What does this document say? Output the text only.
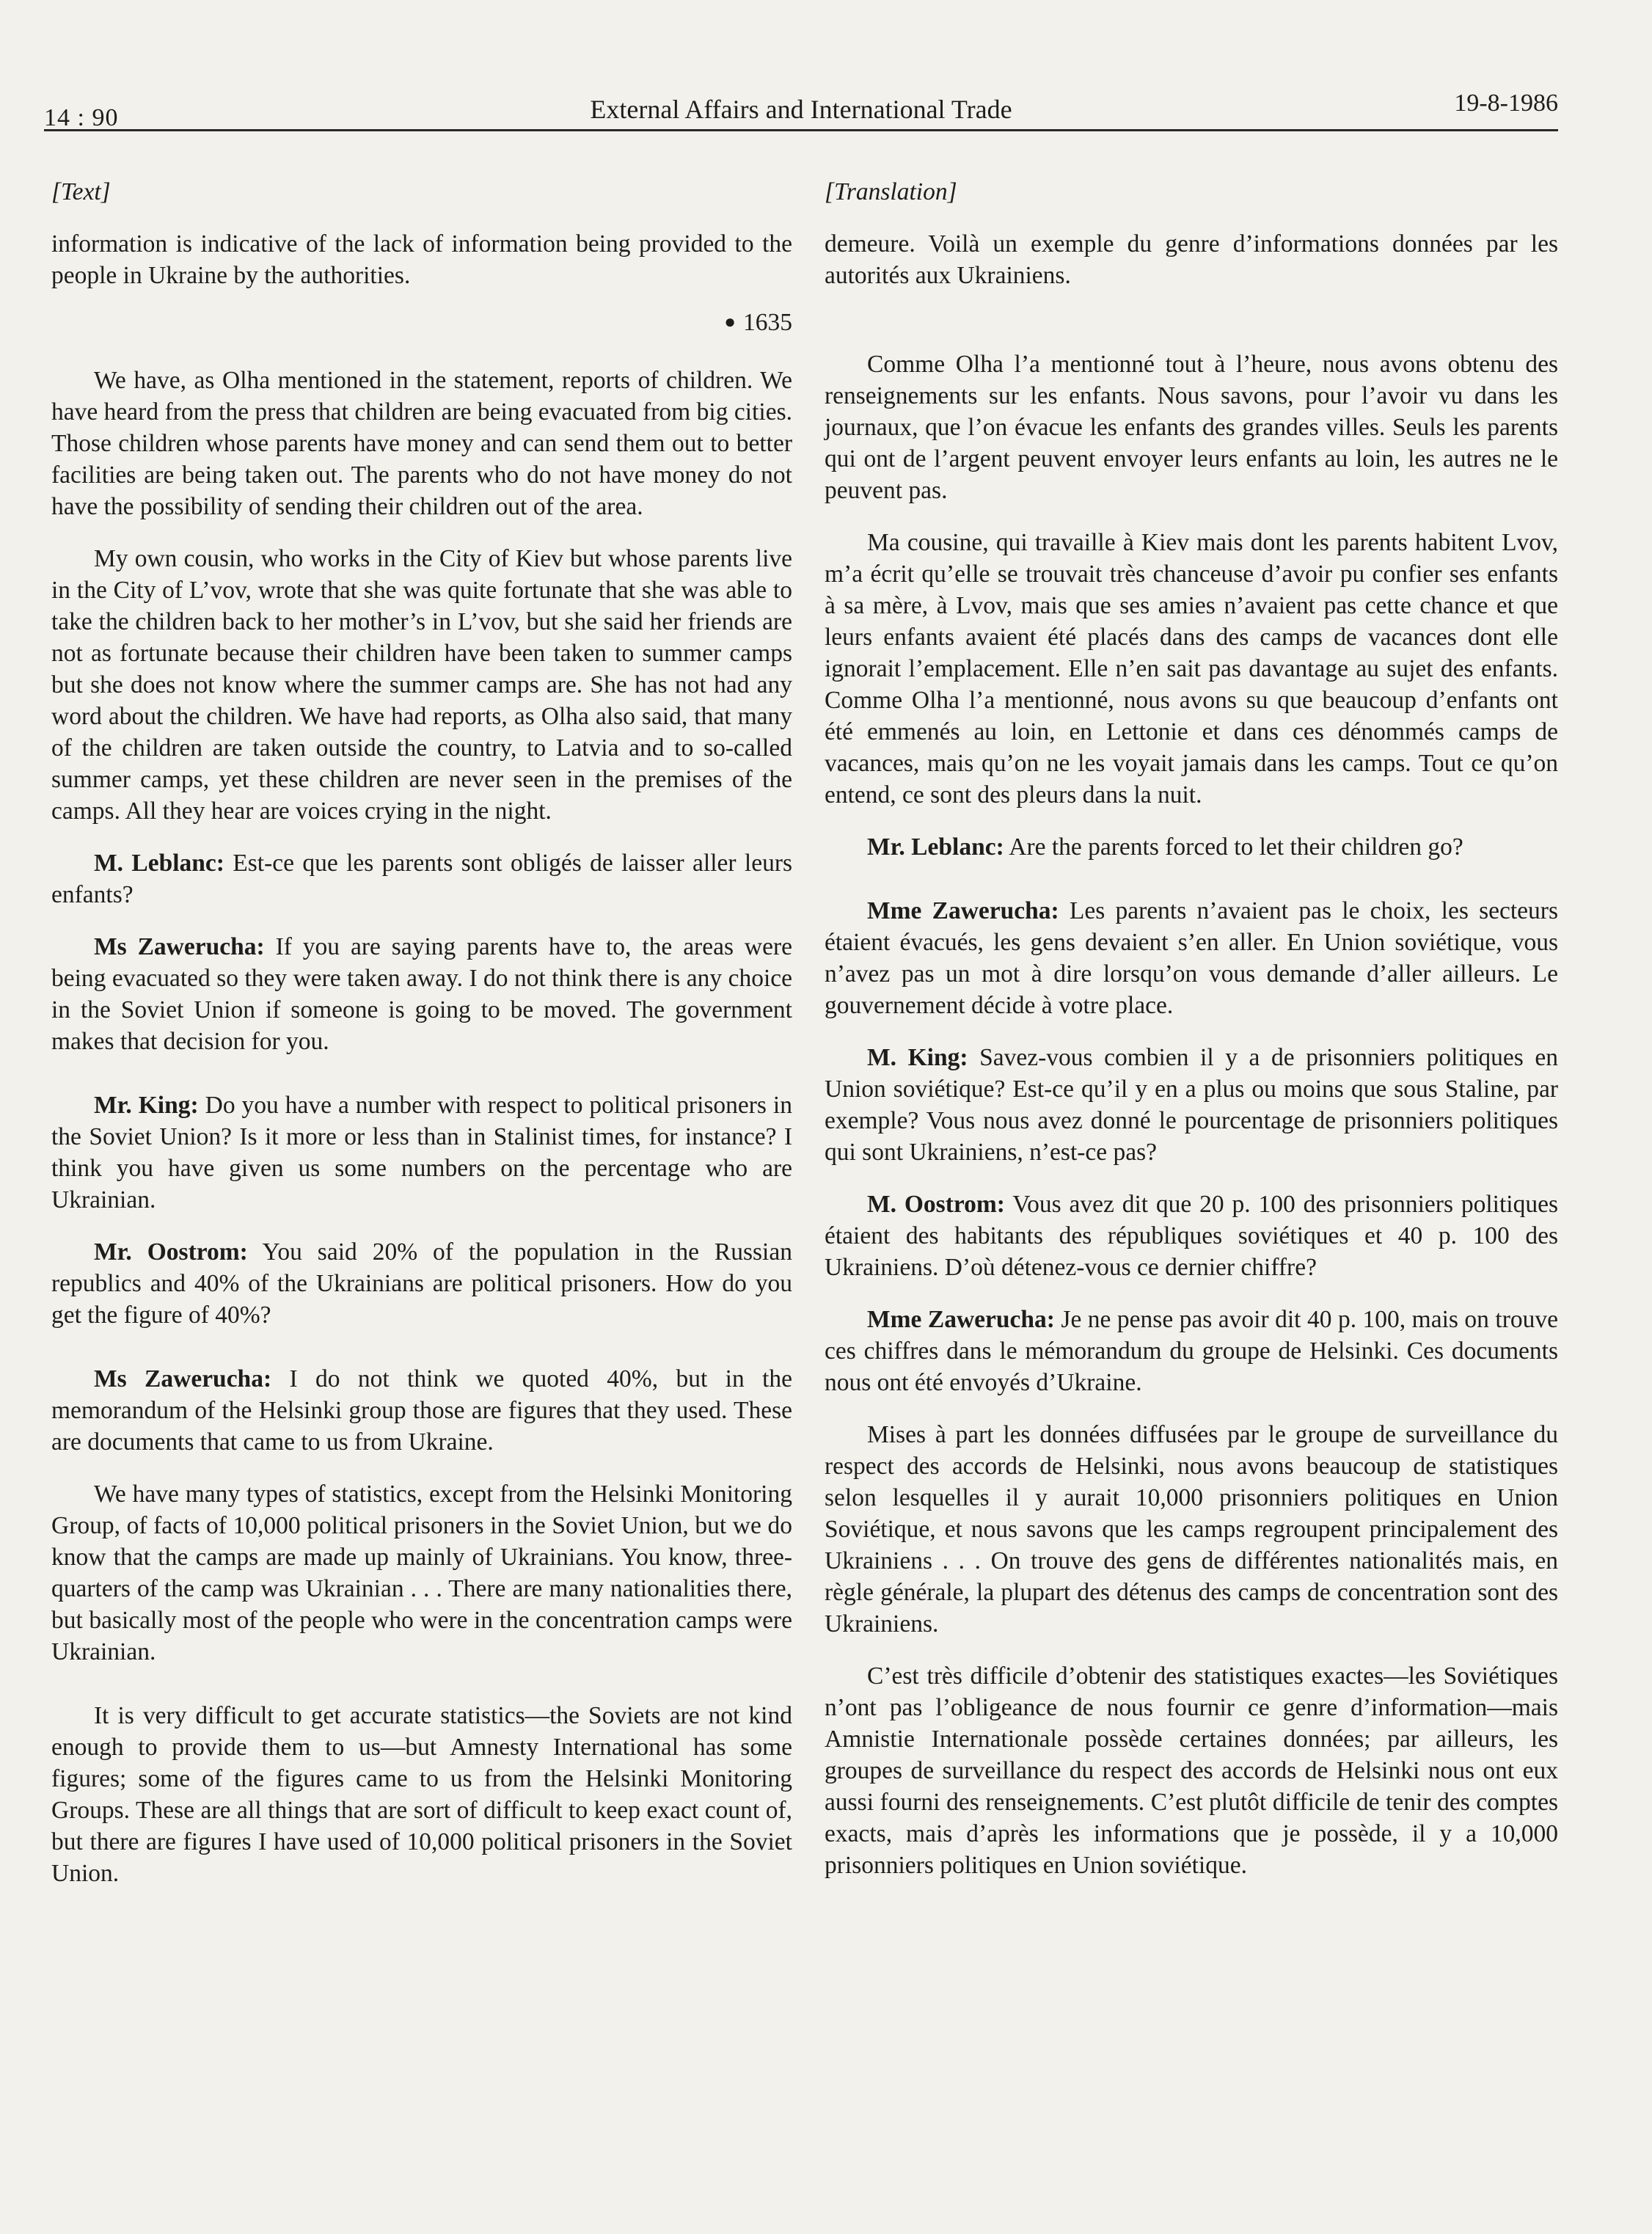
14 : 90	External Affairs and International Trade	19-8-1986

[Text]

information is indicative of the lack of information being provided to the people in Ukraine by the authorities.

● 1635

We have, as Olha mentioned in the statement, reports of children. We have heard from the press that children are being evacuated from big cities. Those children whose parents have money and can send them out to better facilities are being taken out. The parents who do not have money do not have the possibility of sending their children out of the area.

My own cousin, who works in the City of Kiev but whose parents live in the City of L’vov, wrote that she was quite fortunate that she was able to take the children back to her mother’s in L’vov, but she said her friends are not as fortunate because their children have been taken to summer camps but she does not know where the summer camps are. She has not had any word about the children. We have had reports, as Olha also said, that many of the children are taken outside the country, to Latvia and to so-called summer camps, yet these children are never seen in the premises of the camps. All they hear are voices crying in the night.

M. Leblanc: Est-ce que les parents sont obligés de laisser aller leurs enfants?

Ms Zawerucha: If you are saying parents have to, the areas were being evacuated so they were taken away. I do not think there is any choice in the Soviet Union if someone is going to be moved. The government makes that decision for you.

Mr. King: Do you have a number with respect to political prisoners in the Soviet Union? Is it more or less than in Stalinist times, for instance? I think you have given us some numbers on the percentage who are Ukrainian.

Mr. Oostrom: You said 20% of the population in the Russian republics and 40% of the Ukrainians are political prisoners. How do you get the figure of 40%?

Ms Zawerucha: I do not think we quoted 40%, but in the memorandum of the Helsinki group those are figures that they used. These are documents that came to us from Ukraine.

We have many types of statistics, except from the Helsinki Monitoring Group, of facts of 10,000 political prisoners in the Soviet Union, but we do know that the camps are made up mainly of Ukrainians. You know, three-quarters of the camp was Ukrainian . . . There are many nationalities there, but basically most of the people who were in the concentration camps were Ukrainian.

It is very difficult to get accurate statistics—the Soviets are not kind enough to provide them to us—but Amnesty International has some figures; some of the figures came to us from the Helsinki Monitoring Groups. These are all things that are sort of difficult to keep exact count of, but there are figures I have used of 10,000 political prisoners in the Soviet Union.

[Translation]

demeure. Voilà un exemple du genre d’informations données par les autorités aux Ukrainiens.

Comme Olha l’a mentionné tout à l’heure, nous avons obtenu des renseignements sur les enfants. Nous savons, pour l’avoir vu dans les journaux, que l’on évacue les enfants des grandes villes. Seuls les parents qui ont de l’argent peuvent envoyer leurs enfants au loin, les autres ne le peuvent pas.

Ma cousine, qui travaille à Kiev mais dont les parents habitent Lvov, m’a écrit qu’elle se trouvait très chanceuse d’avoir pu confier ses enfants à sa mère, à Lvov, mais que ses amies n’avaient pas cette chance et que leurs enfants avaient été placés dans des camps de vacances dont elle ignorait l’emplacement. Elle n’en sait pas davantage au sujet des enfants. Comme Olha l’a mentionné, nous avons su que beaucoup d’enfants ont été emmenés au loin, en Lettonie et dans ces dénommés camps de vacances, mais qu’on ne les voyait jamais dans les camps. Tout ce qu’on entend, ce sont des pleurs dans la nuit.

Mr. Leblanc: Are the parents forced to let their children go?

Mme Zawerucha: Les parents n’avaient pas le choix, les secteurs étaient évacués, les gens devaient s’en aller. En Union soviétique, vous n’avez pas un mot à dire lorsqu’on vous demande d’aller ailleurs. Le gouvernement décide à votre place.

M. King: Savez-vous combien il y a de prisonniers politiques en Union soviétique? Est-ce qu’il y en a plus ou moins que sous Staline, par exemple? Vous nous avez donné le pourcentage de prisonniers politiques qui sont Ukrainiens, n’est-ce pas?

M. Oostrom: Vous avez dit que 20 p. 100 des prisonniers politiques étaient des habitants des républiques soviétiques et 40 p. 100 des Ukrainiens. D’où détenez-vous ce dernier chiffre?

Mme Zawerucha: Je ne pense pas avoir dit 40 p. 100, mais on trouve ces chiffres dans le mémorandum du groupe de Helsinki. Ces documents nous ont été envoyés d’Ukraine.

Mises à part les données diffusées par le groupe de surveillance du respect des accords de Helsinki, nous avons beaucoup de statistiques selon lesquelles il y aurait 10,000 prisonniers politiques en Union Soviétique, et nous savons que les camps regroupent principalement des Ukrainiens . . . On trouve des gens de différentes nationalités mais, en règle générale, la plupart des détenus des camps de concentration sont des Ukrainiens.

C’est très difficile d’obtenir des statistiques exactes—les Soviétiques n’ont pas l’obligeance de nous fournir ce genre d’information—mais Amnistie Internationale possède certaines données; par ailleurs, les groupes de surveillance du respect des accords de Helsinki nous ont eux aussi fourni des renseignements. C’est plutôt difficile de tenir des comptes exacts, mais d’après les informations que je possède, il y a 10,000 prisonniers politiques en Union soviétique.
